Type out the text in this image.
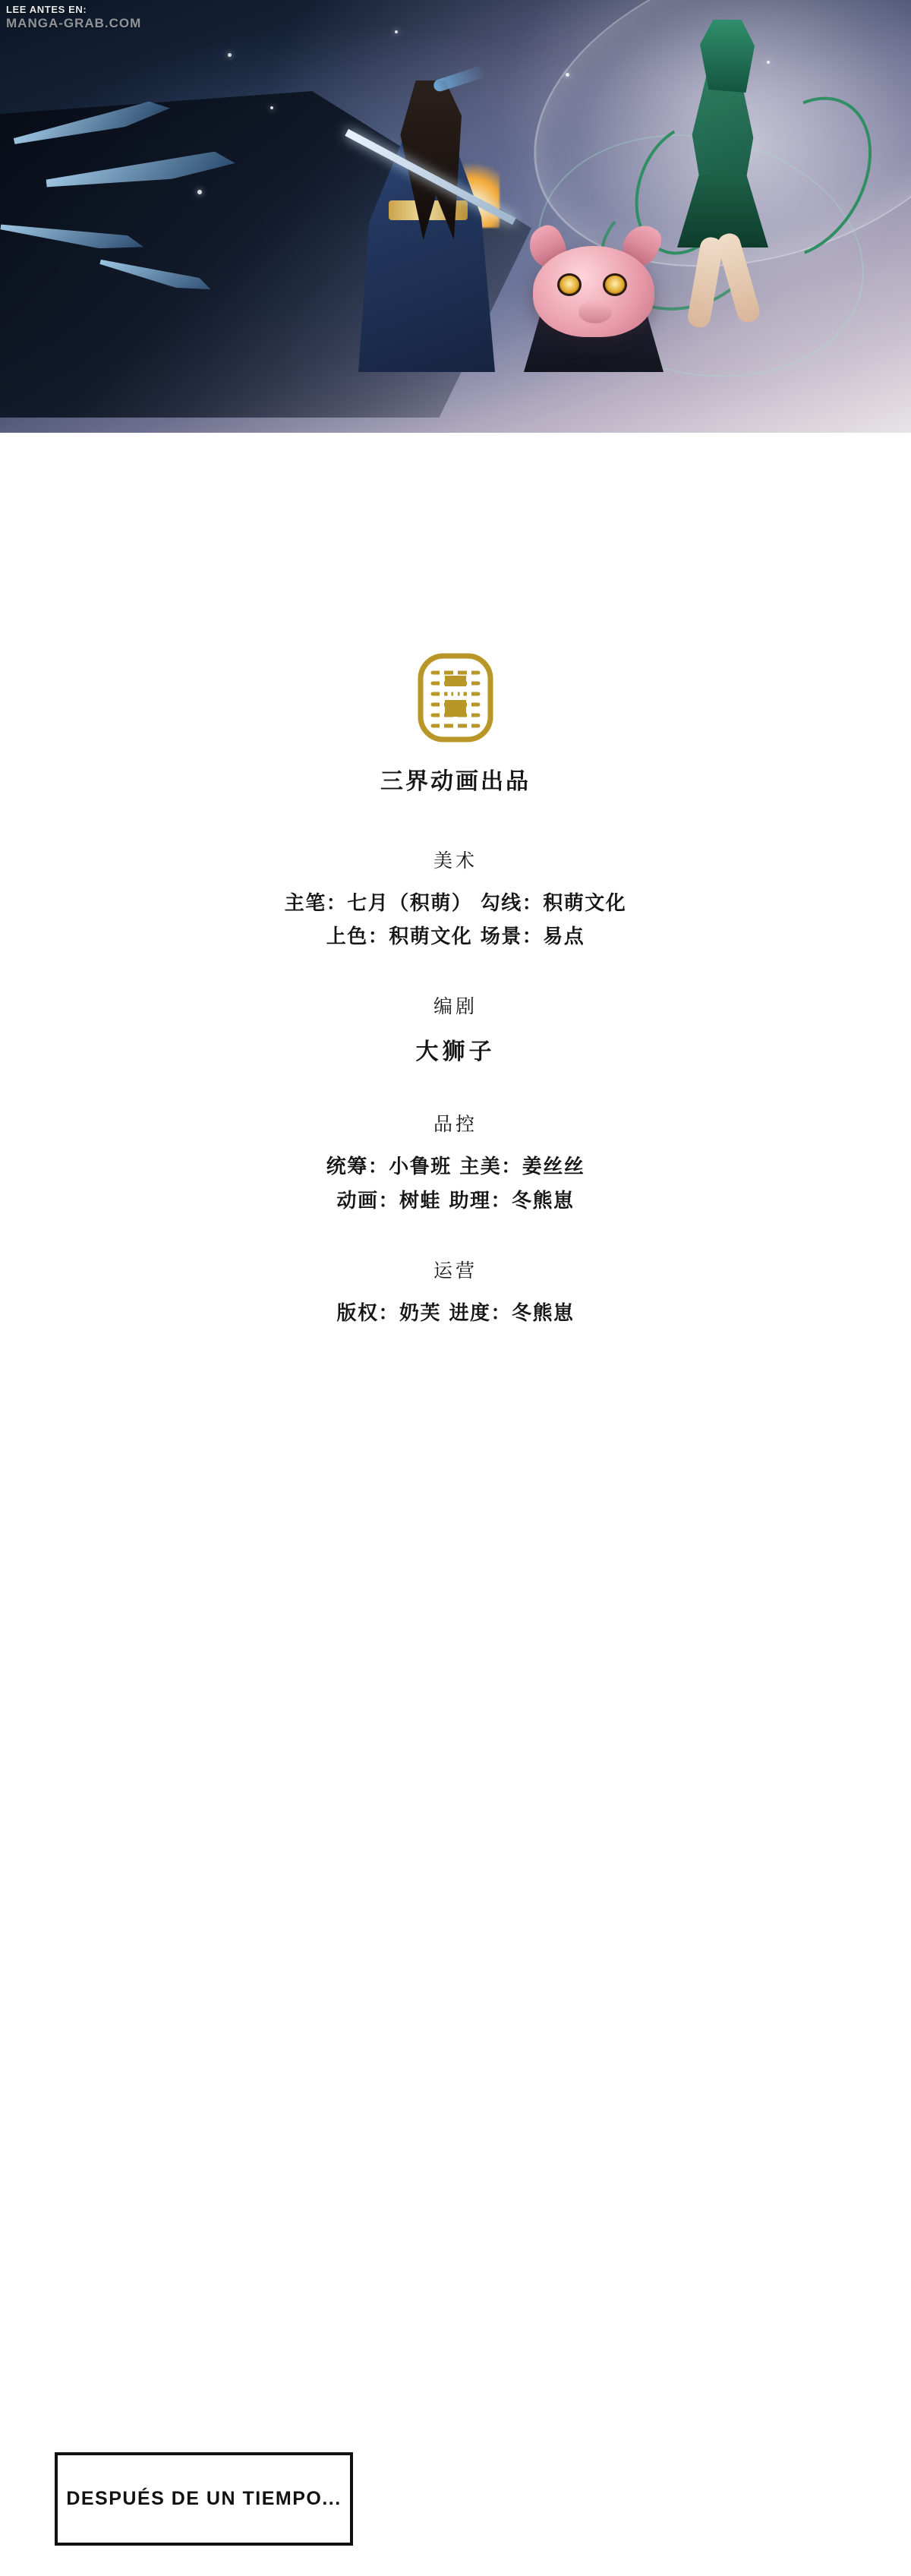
LEE ANTES EN:
MANGA-GRAB.COM
三界动画出品
美术
主笔：七月（积萌） 勾线：积萌文化
上色：积萌文化 场景：易点
编剧
大狮子
品控
统筹：小鲁班 主美：姜丝丝
动画：树蛙 助理：冬熊崽
运营
版权：奶芙 进度：冬熊崽
DESPUÉS DE UN TIEMPO...
